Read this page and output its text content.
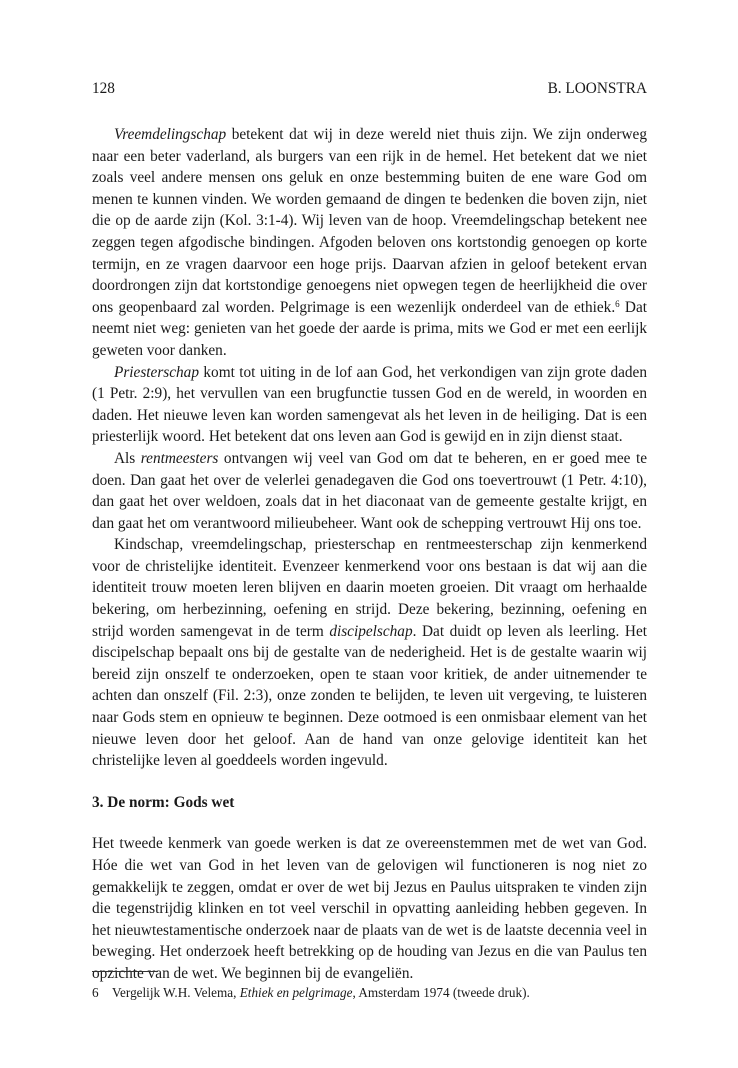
128	B. LOONSTRA

Vreemdelingschap betekent dat wij in deze wereld niet thuis zijn. We zijn onderweg naar een beter vaderland, als burgers van een rijk in de hemel. Het betekent dat we niet zoals veel andere mensen ons geluk en onze bestemming buiten de ene ware God om menen te kunnen vinden. We worden gemaand de dingen te bedenken die boven zijn, niet die op de aarde zijn (Kol. 3:1-4). Wij leven van de hoop. Vreemdelingschap betekent nee zeggen tegen afgodische bindingen. Afgoden beloven ons kortstondig genoegen op korte termijn, en ze vragen daarvoor een hoge prijs. Daarvan afzien in geloof betekent ervan doordrongen zijn dat kortstondige genoegens niet opwegen tegen de heerlijkheid die over ons geopenbaard zal worden. Pelgrimage is een wezenlijk onderdeel van de ethiek.$^6$ Dat neemt niet weg: genieten van het goede der aarde is prima, mits we God er met een eerlijk geweten voor danken.

Priesterschap komt tot uiting in de lof aan God, het verkondigen van zijn grote daden (1 Petr. 2:9), het vervullen van een brugfunctie tussen God en de wereld, in woorden en daden. Het nieuwe leven kan worden samengevat als het leven in de heiliging. Dat is een priesterlijk woord. Het betekent dat ons leven aan God is gewijd en in zijn dienst staat.

Als rentmeesters ontvangen wij veel van God om dat te beheren, en er goed mee te doen. Dan gaat het over de velerlei genadegaven die God ons toevertrouwt (1 Petr. 4:10), dan gaat het over weldoen, zoals dat in het diaconaat van de gemeente gestalte krijgt, en dan gaat het om verantwoord milieubeheer. Want ook de schepping vertrouwt Hij ons toe.

Kindschap, vreemdelingschap, priesterschap en rentmeesterschap zijn kenmerkend voor de christelijke identiteit. Evenzeer kenmerkend voor ons bestaan is dat wij aan die identiteit trouw moeten leren blijven en daarin moeten groeien. Dit vraagt om herhaalde bekering, om herbezinning, oefening en strijd. Deze bekering, bezinning, oefening en strijd worden samengevat in de term discipelschap. Dat duidt op leven als leerling. Het discipelschap bepaalt ons bij de gestalte van de nederigheid. Het is de gestalte waarin wij bereid zijn onszelf te onderzoeken, open te staan voor kritiek, de ander uitnemender te achten dan onszelf (Fil. 2:3), onze zonden te belijden, te leven uit vergeving, te luisteren naar Gods stem en opnieuw te beginnen. Deze ootmoed is een onmisbaar element van het nieuwe leven door het geloof. Aan de hand van onze gelovige identiteit kan het christelijke leven al goeddeels worden ingevuld.

3. De norm: Gods wet

Het tweede kenmerk van goede werken is dat ze overeenstemmen met de wet van God. Hóe die wet van God in het leven van de gelovigen wil functioneren is nog niet zo gemakkelijk te zeggen, omdat er over de wet bij Jezus en Paulus uitspraken te vinden zijn die tegenstrijdig klinken en tot veel verschil in opvatting aanleiding hebben gegeven. In het nieuwtestamentische onderzoek naar de plaats van de wet is de laatste decennia veel in beweging. Het onderzoek heeft betrekking op de houding van Jezus en die van Paulus ten opzichte van de wet. We beginnen bij de evangeliën.

6 Vergelijk W.H. Velema, Ethiek en pelgrimage, Amsterdam 1974 (tweede druk).
